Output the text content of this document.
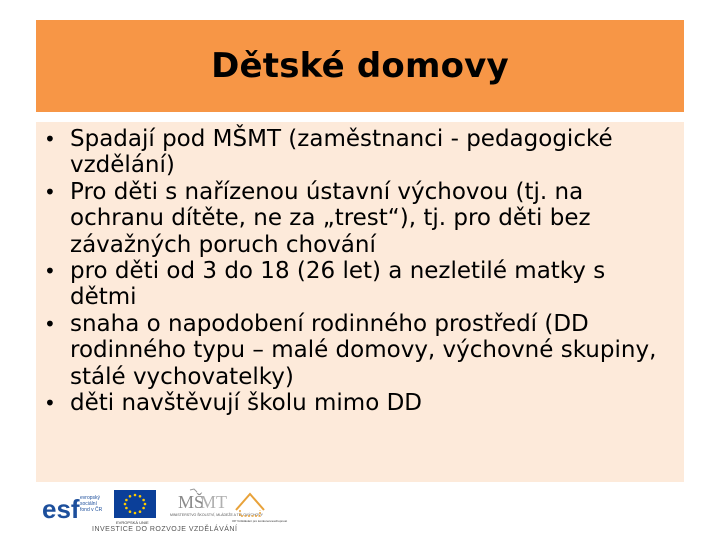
Dětské domovy
• Spadají pod MŠMT (zaměstnanci - pedagogické vzdělání)
• Pro děti s nařízenou ústavní výchovou (tj. na ochranu dítěte, ne za „trest“), tj. pro děti bez závažných poruch chování
• pro děti od 3 do 18 (26 let) a nezletilé matky s dětmi
• snaha o napodobení rodinného prostředí (DD rodinného typu – malé domovy, výchovné skupiny, stálé vychovatelky)
• děti navštěvují školu mimo DD
esf evropský
sociální
fond v ČR
EVROPSKÁ UNIE
MŠ
MT
MINISTERSTVO ŠKOLSTVÍ, MLÁDEŽE A TĚLOVÝCHOVY
OP Vzdělávání pro konkurenceschopnost
INVESTICE DO ROZVOJE VZDĚLÁVÁNÍ
